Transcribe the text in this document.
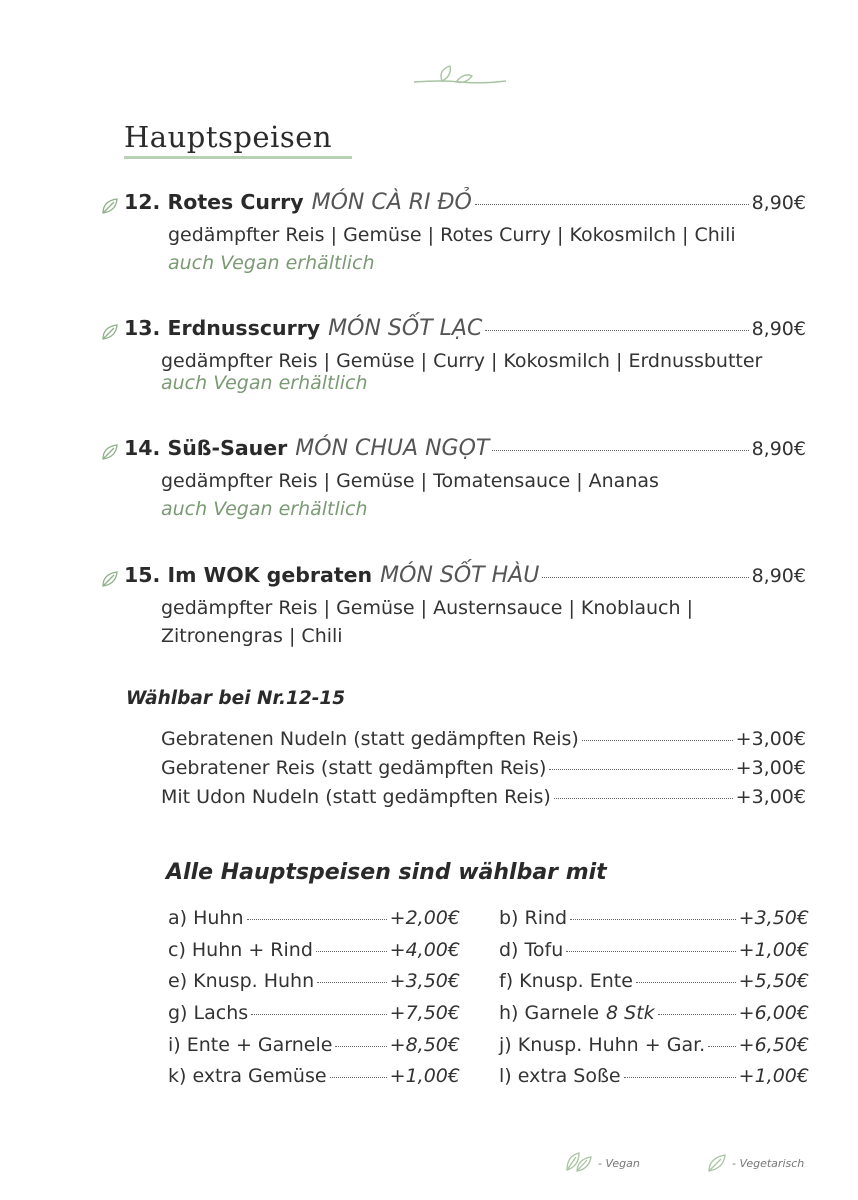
Hauptspeisen
12. Rotes Curry MÓN CÀ RI ĐỎ	8,90€
gedämpfter Reis | Gemüse | Rotes Curry | Kokosmilch | Chili
auch Vegan erhältlich
13. Erdnusscurry MÓN SỐT LẠC	8,90€
gedämpfter Reis | Gemüse | Curry | Kokosmilch | Erdnussbutter
auch Vegan erhältlich
14. Süß-Sauer MÓN CHUA NGỌT	8,90€
gedämpfter Reis | Gemüse | Tomatensauce | Ananas
auch Vegan erhältlich
15. Im WOK gebraten MÓN SỐT HÀU	8,90€
gedämpfter Reis | Gemüse | Austernsauce | Knoblauch |
Zitronengras | Chili
Wählbar bei Nr.12-15
Gebratenen Nudeln (statt gedämpften Reis)	+3,00€
Gebratener Reis (statt gedämpften Reis)	+3,00€
Mit Udon Nudeln (statt gedämpften Reis)	+3,00€
Alle Hauptspeisen sind wählbar mit
a) Huhn	+2,00€
c) Huhn + Rind	+4,00€
e) Knusp. Huhn	+3,50€
g) Lachs	+7,50€
i) Ente + Garnele	+8,50€
k) extra Gemüse	+1,00€
b) Rind	+3,50€
d) Tofu	+1,00€
f) Knusp. Ente	+5,50€
h) Garnele 8 Stk	+6,00€
j) Knusp. Huhn + Gar. +6,50€
l) extra Soße	+1,00€
- Vegan	- Vegetarisch
